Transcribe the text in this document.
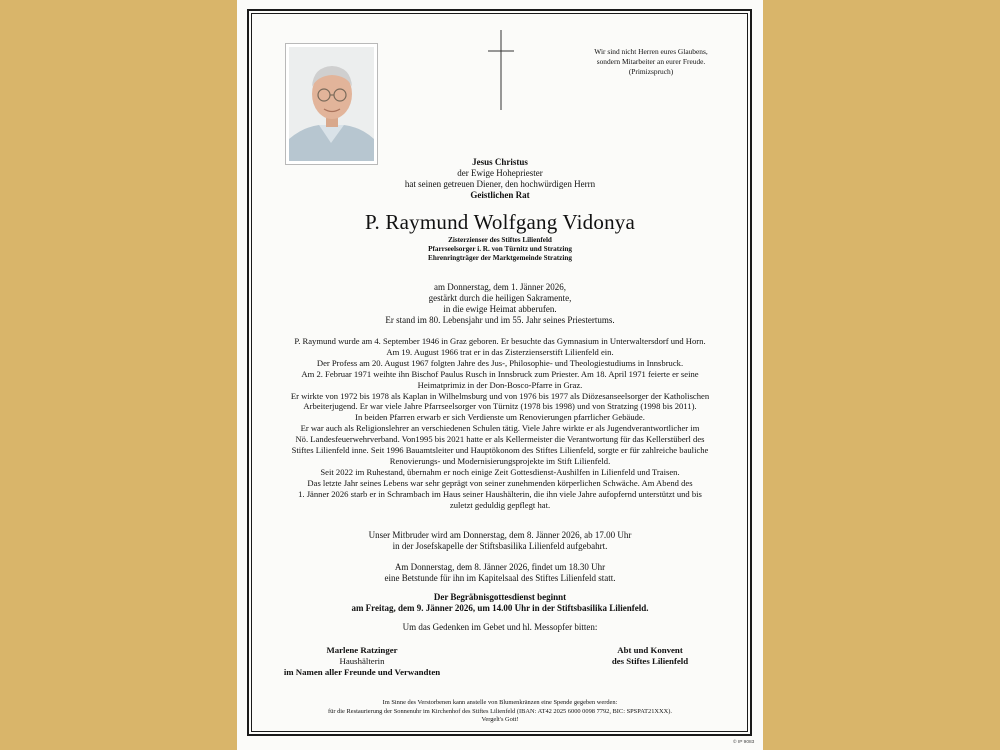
Wir sind nicht Herren eures Glaubens,
sondern Mitarbeiter an eurer Freude.
(Primizspruch)
Jesus Christus
der Ewige Hohepriester
hat seinen getreuen Diener, den hochwürdigen Herrn
Geistlichen Rat
P. Raymund Wolfgang Vidonya
Zisterzienser des Stiftes Lilienfeld
Pfarrseelsorger i. R. von Türnitz und Stratzing
Ehrenringträger der Marktgemeinde Stratzing
am Donnerstag, dem 1. Jänner 2026,
gestärkt durch die heiligen Sakramente,
in die ewige Heimat abberufen.
Er stand im 80. Lebensjahr und im 55. Jahr seines Priestertums.
P. Raymund wurde am 4. September 1946 in Graz geboren. Er besuchte das Gymnasium in Unterwaltersdorf und Horn.
Am 19. August 1966 trat er in das Zisterzienserstift Lilienfeld ein.
Der Profess am 20. August 1967 folgten Jahre des Jus-, Philosophie- und Theologiestudiums in Innsbruck.
Am 2. Februar 1971 weihte ihn Bischof Paulus Rusch in Innsbruck zum Priester. Am 18. April 1971 feierte er seine
Heimatprimiz in der Don-Bosco-Pfarre in Graz.
Er wirkte von 1972 bis 1978 als Kaplan in Wilhelmsburg und von 1976 bis 1977 als Diözesanseelsorger der Katholischen
Arbeiterjugend. Er war viele Jahre Pfarrseelsorger von Türnitz (1978 bis 1998) und von Stratzing (1998 bis 2011).
In beiden Pfarren erwarb er sich Verdienste um Renovierungen pfarrlicher Gebäude.
Er war auch als Religionslehrer an verschiedenen Schulen tätig. Viele Jahre wirkte er als Jugendverantwortlicher im
Nö. Landesfeuerwehrverband. Von1995 bis 2021 hatte er als Kellermeister die Verantwortung für das Kellerstüberl des
Stiftes Lilienfeld inne. Seit 1996 Bauamtsleiter und Hauptökonom des Stiftes Lilienfeld, sorgte er für zahlreiche bauliche
Renovierungs- und Modernisierungsprojekte im Stift Lilienfeld.
Seit 2022 im Ruhestand, übernahm er noch einige Zeit Gottesdienst-Aushilfen in Lilienfeld und Traisen.
Das letzte Jahr seines Lebens war sehr geprägt von seiner zunehmenden körperlichen Schwäche. Am Abend des
1. Jänner 2026 starb er in Schrambach im Haus seiner Haushälterin, die ihn viele Jahre aufopfernd unterstützt und bis
zuletzt geduldig gepflegt hat.
Unser Mitbruder wird am Donnerstag, dem 8. Jänner 2026, ab 17.00 Uhr
in der Josefskapelle der Stiftsbasilika Lilienfeld aufgebahrt.
Am Donnerstag, dem 8. Jänner 2026, findet um 18.30 Uhr
eine Betstunde für ihn im Kapitelsaal des Stiftes Lilienfeld statt.
Der Begräbnisgottesdienst beginnt
am Freitag, dem 9. Jänner 2026, um 14.00 Uhr in der Stiftsbasilika Lilienfeld.
Um das Gedenken im Gebet und hl. Messopfer bitten:
Marlene Ratzinger
Haushälterin
im Namen aller Freunde und Verwandten
Abt und Konvent
des Stiftes Lilienfeld
Im Sinne des Verstorbenen kann anstelle von Blumenkränzen eine Spende gegeben werden:
für die Restaurierung der Sonnenuhr im Kirchenhof des Stiftes Lilienfeld (IBAN: AT42 2025 6000 0098 7792, BIC: SPSPAT21XXX).
Vergelt's Gott!
© IP 9083
